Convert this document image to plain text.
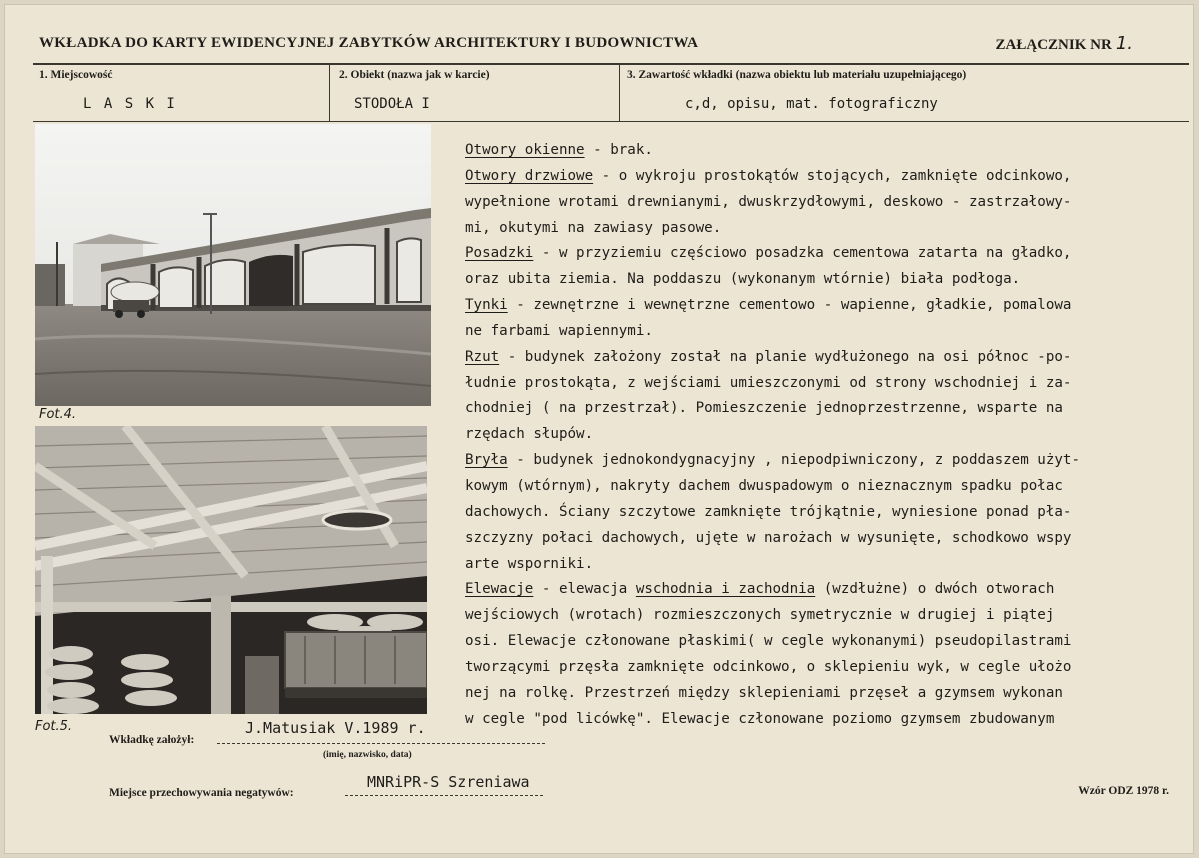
WKŁADKA DO KARTY EWIDENCYJNEJ ZABYTKÓW ARCHITEKTURY I BUDOWNICTWA	ZAŁĄCZNIK NR 1.
1. Miejscowość
L A S K I
2. Obiekt (nazwa jak w karcie)
STODOŁA I
3. Zawartość wkładki (nazwa obiektu lub materiału uzupełniającego)
c,d, opisu, mat. fotograficzny
Fot.4.
Fot.5.
Otwory okienne - brak.
Otwory drzwiowe - o wykroju prostokątów stojących, zamknięte odcinkowo,
wypełnione wrotami drewnianymi, dwuskrzydłowymi, deskowo - zastrzałowy-
mi, okutymi na zawiasy pasowe.
Posadzki - w przyziemiu częściowo posadzka cementowa zatarta na gładko,
oraz ubita ziemia. Na poddaszu (wykonanym wtórnie) biała podłoga.
Tynki - zewnętrzne i wewnętrzne cementowo - wapienne, gładkie, pomalowa
ne farbami wapiennymi.
Rzut - budynek założony został na planie wydłużonego na osi północ -po-
łudnie prostokąta, z wejściami umieszczonymi od strony wschodniej i za-
chodniej ( na przestrzał). Pomieszczenie jednoprzestrzenne, wsparte na
rzędach słupów.
Bryła - budynek jednokondygnacyjny , niepodpiwniczony, z poddaszem użyt-
kowym (wtórnym), nakryty dachem dwuspadowym o nieznacznym spadku połac
dachowych. Ściany szczytowe zamknięte trójkątnie, wyniesione ponad pła-
szczyzny połaci dachowych, ujęte w narożach w wysunięte, schodkowo wspy
arte wsporniki.
Elewacje - elewacja wschodnia i zachodnia (wzdłużne) o dwóch otworach
wejściowych (wrotach) rozmieszczonych symetrycznie w drugiej i piątej
osi. Elewacje członowane płaskimi( w cegle wykonanymi) pseudopilastrami
tworzącymi przęsła zamknięte odcinkowo, o sklepieniu wyk, w cegle ułożo
nej na rolkę. Przestrzeń między sklepieniami przęseł a gzymsem wykonan
w cegle "pod licówkę". Elewacje członowane poziomo gzymsem zbudowanym
Wkładkę założył:
J.Matusiak V.1989 r.
(imię, nazwisko, data)
Miejsce przechowywania negatywów:
MNRiPR-S Szreniawa	Wzór ODZ 1978 r.
